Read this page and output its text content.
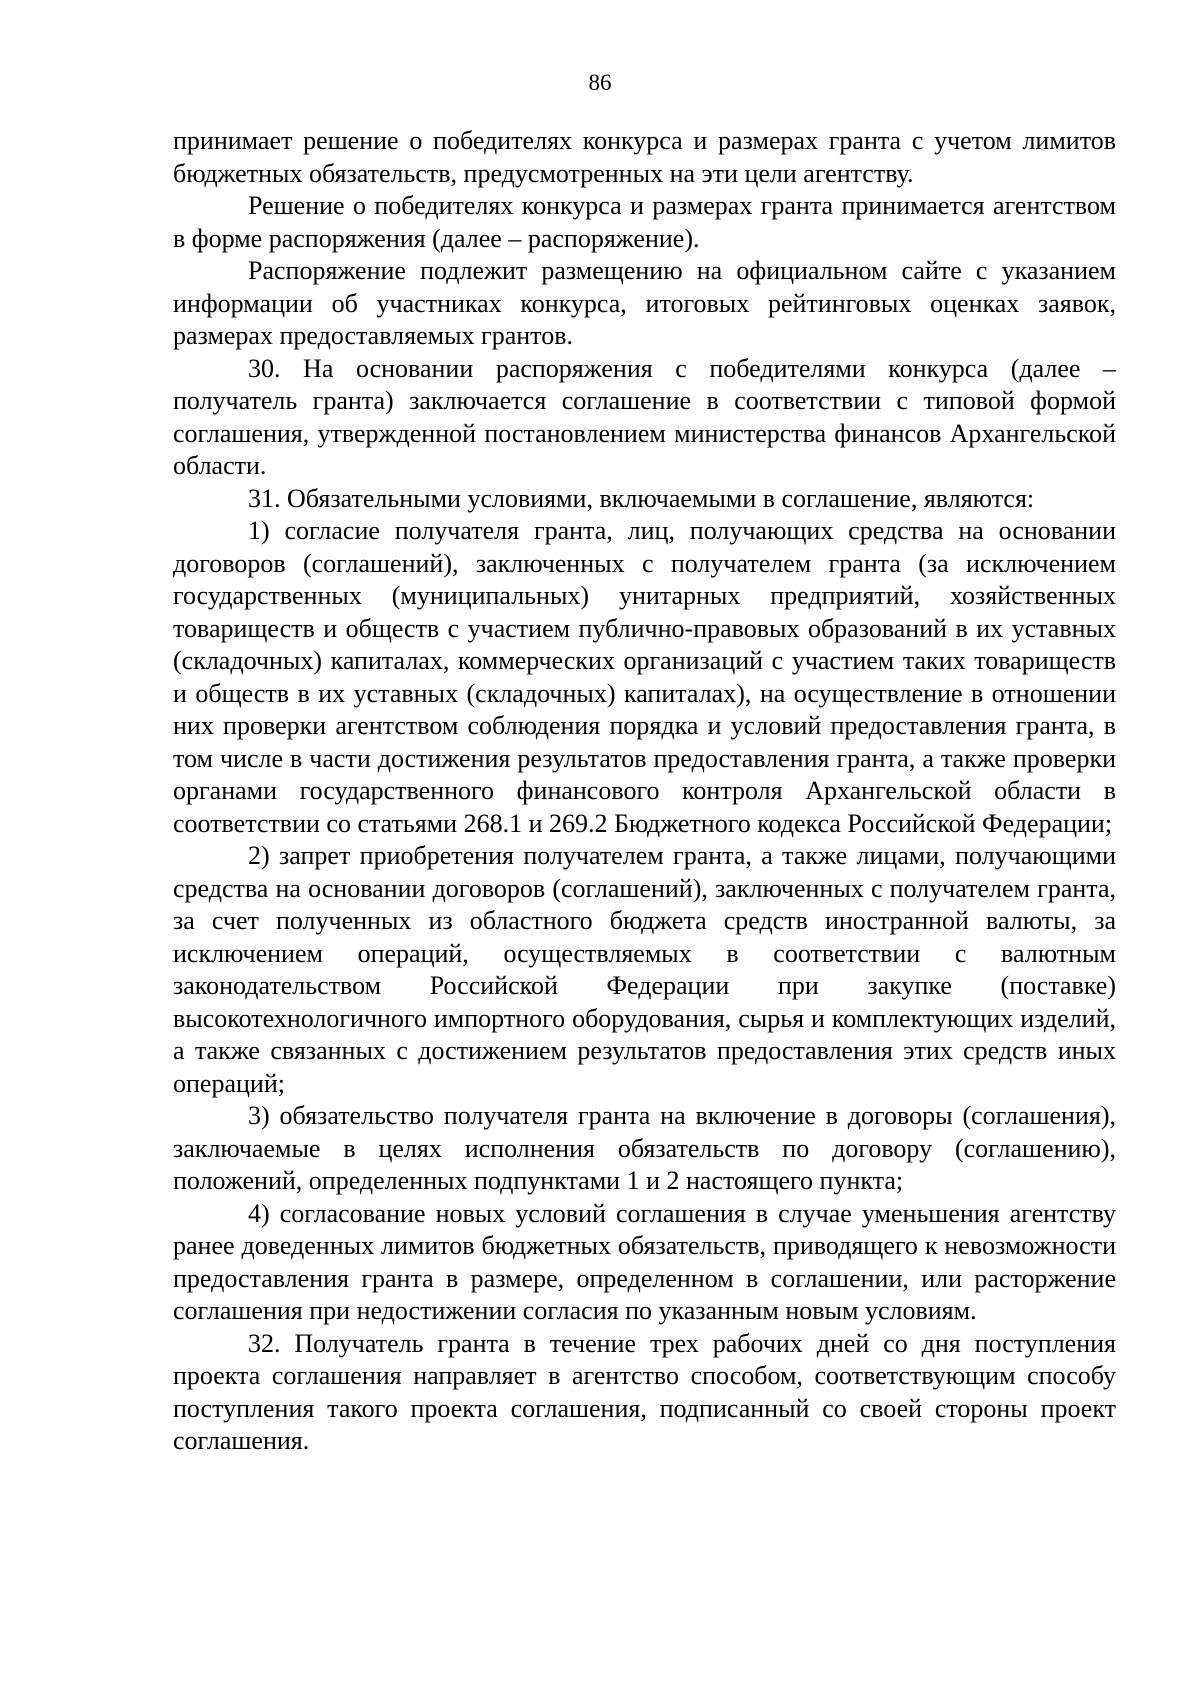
86

принимает решение о победителях конкурса и размерах гранта с учетом лимитов бюджетных обязательств, предусмотренных на эти цели агентству.

Решение о победителях конкурса и размерах гранта принимается агентством в форме распоряжения (далее – распоряжение).

Распоряжение подлежит размещению на официальном сайте с указанием информации об участниках конкурса, итоговых рейтинговых оценках заявок, размерах предоставляемых грантов.

30. На основании распоряжения с победителями конкурса (далее – получатель гранта) заключается соглашение в соответствии с типовой формой соглашения, утвержденной постановлением министерства финансов Архангельской области.

31. Обязательными условиями, включаемыми в соглашение, являются:

1) согласие получателя гранта, лиц, получающих средства на основании договоров (соглашений), заключенных с получателем гранта (за исключением государственных (муниципальных) унитарных предприятий, хозяйственных товариществ и обществ с участием публично-правовых образований в их уставных (складочных) капиталах, коммерческих организаций с участием таких товариществ и обществ в их уставных (складочных) капиталах), на осуществление в отношении них проверки агентством соблюдения порядка и условий предоставления гранта, в том числе в части достижения результатов предоставления гранта, а также проверки органами государственного финансового контроля Архангельской области в соответствии со статьями 268.1 и 269.2 Бюджетного кодекса Российской Федерации;

2) запрет приобретения получателем гранта, а также лицами, получающими средства на основании договоров (соглашений), заключенных с получателем гранта, за счет полученных из областного бюджета средств иностранной валюты, за исключением операций, осуществляемых в соответствии с валютным законодательством Российской Федерации при закупке (поставке) высокотехнологичного импортного оборудования, сырья и комплектующих изделий, а также связанных с достижением результатов предоставления этих средств иных операций;

3) обязательство получателя гранта на включение в договоры (соглашения), заключаемые в целях исполнения обязательств по договору (соглашению), положений, определенных подпунктами 1 и 2 настоящего пункта;

4) согласование новых условий соглашения в случае уменьшения агентству ранее доведенных лимитов бюджетных обязательств, приводящего к невозможности предоставления гранта в размере, определенном в соглашении, или расторжение соглашения при недостижении согласия по указанным новым условиям.

32. Получатель гранта в течение трех рабочих дней со дня поступления проекта соглашения направляет в агентство способом, соответствующим способу поступления такого проекта соглашения, подписанный со своей стороны проект соглашения.
